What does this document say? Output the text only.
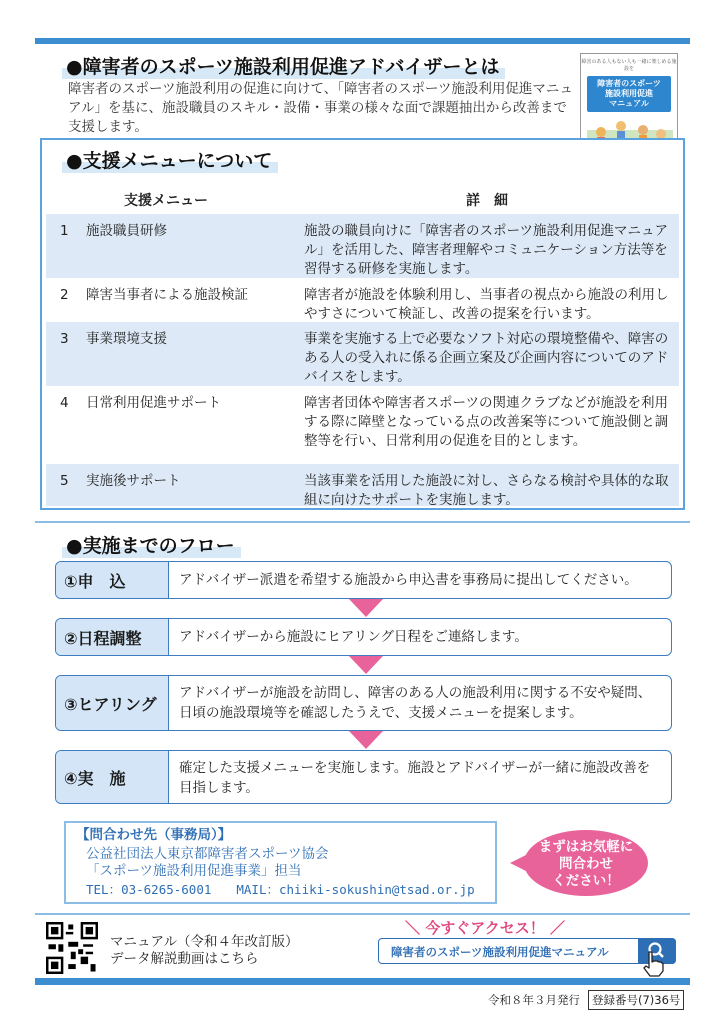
●障害者のスポーツ施設利用促進アドバイザーとは

障害者のスポーツ施設利用の促進に向けて、「障害者のスポーツ施設利用促進マニュアル」を基に、施設職員のスキル・設備・事業の様々な面で課題抽出から改善まで支援します。

障害のある人もない人も一緒に楽しめる施設を
障害者のスポーツ
施設利用促進
マニュアル
●支援メニューについて
支援メニュー	詳細
1 施設職員研修	施設の職員向けに「障害者のスポーツ施設利用促進マニュアル」を活用した、障害者理解やコミュニケーション方法等を習得する研修を実施します。
2 障害当事者による施設検証	障害者が施設を体験利用し、当事者の視点から施設の利用しやすさについて検証し、改善の提案を行います。
3 事業環境支援	事業を実施する上で必要なソフト対応の環境整備や、障害のある人の受入れに係る企画立案及び企画内容についてのアドバイスをします。
4 日常利用促進サポート	障害者団体や障害者スポーツの関連クラブなどが施設を利用する際に障壁となっている点の改善案等について施設側と調整等を行い、日常利用の促進を目的とします。
5 実施後サポート	当該事業を活用した施設に対し、さらなる検討や具体的な取組に向けたサポートを実施します。
●実施までのフロー
①申　込	アドバイザー派遣を希望する施設から申込書を事務局に提出してください。
②日程調整	アドバイザーから施設にヒアリング日程をご連絡します。
③ヒアリング
アドバイザーが施設を訪問し、障害のある人の施設利用に関する不安や疑問、日頃の施設環境等を確認したうえで、支援メニューを提案します。
④実　施
確定した支援メニューを実施します。施設とアドバイザーが一緒に施設改善を目指します。
【問合わせ先（事務局）】
公益社団法人東京都障害者スポーツ協会
「スポーツ施設利用促進事業」担当
TEL：03-6265-6001　　MAIL：chiiki-sokushin@tsad.or.jp
まずはお気軽に
問合わせ
ください！
マニュアル（令和４年改訂版）
データ解説動画はこちら
＼ 今すぐアクセス！ ／
障害者のスポーツ施設利用促進マニュアル
令和８年３月発行	登録番号(7)36号
